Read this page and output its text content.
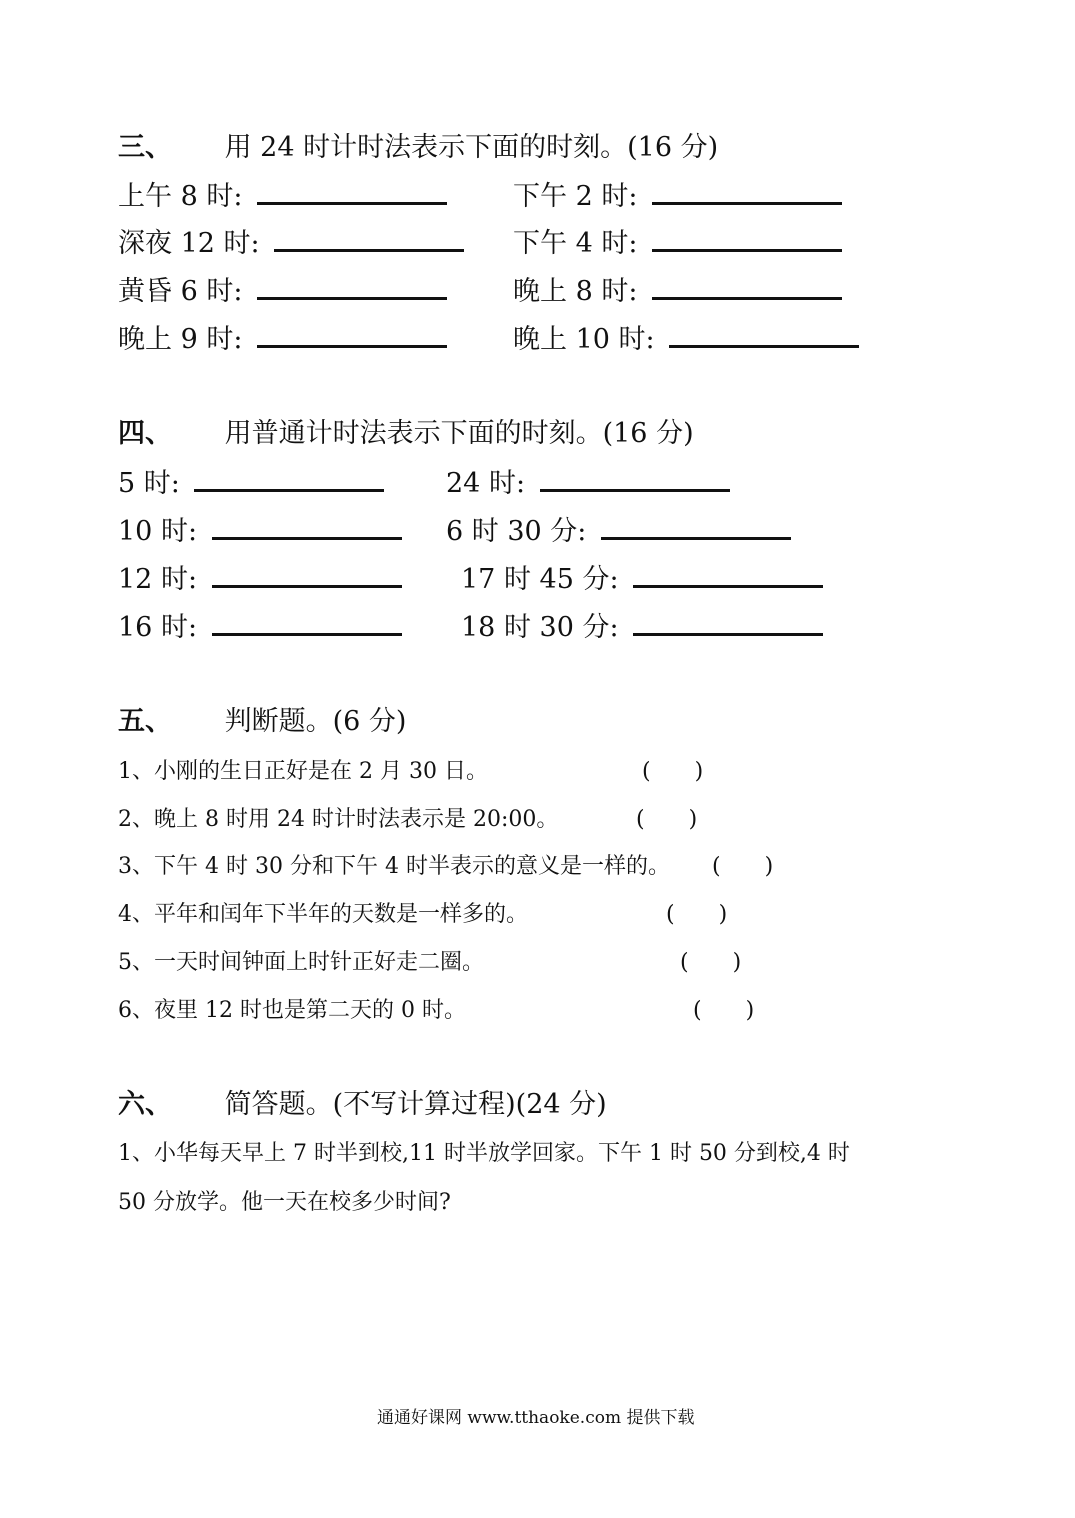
三、 用 24 时计时法表示下面的时刻。(16 分)
上午 8 时:	下午 2 时:
深夜 12 时:	下午 4 时:
黄昏 6 时:	晚上 8 时:
晚上 9 时:	晚上 10 时:
四、 用普通计时法表示下面的时刻。(16 分)
5 时:	24 时:
10 时:	6 时 30 分:
12 时:	17 时 45 分:
16 时:	18 时 30 分:
五、 判断题。(6 分)
1、小刚的生日正好是在 2 月 30 日。	(　　)
2、晚上 8 时用 24 时计时法表示是 20:00。	(　　)
3、下午 4 时 30 分和下午 4 时半表示的意义是一样的。 (　　)
4、平年和闰年下半年的天数是一样多的。	(　　)
5、一天时间钟面上时针正好走二圈。	(　　)
6、夜里 12 时也是第二天的 0 时。	(　　)
六、 简答题。(不写计算过程)(24 分)
1、小华每天早上 7 时半到校,11 时半放学回家。下午 1 时 50 分到校,4 时
50 分放学。他一天在校多少时间?
通通好课网 www.tthaoke.com 提供下载
